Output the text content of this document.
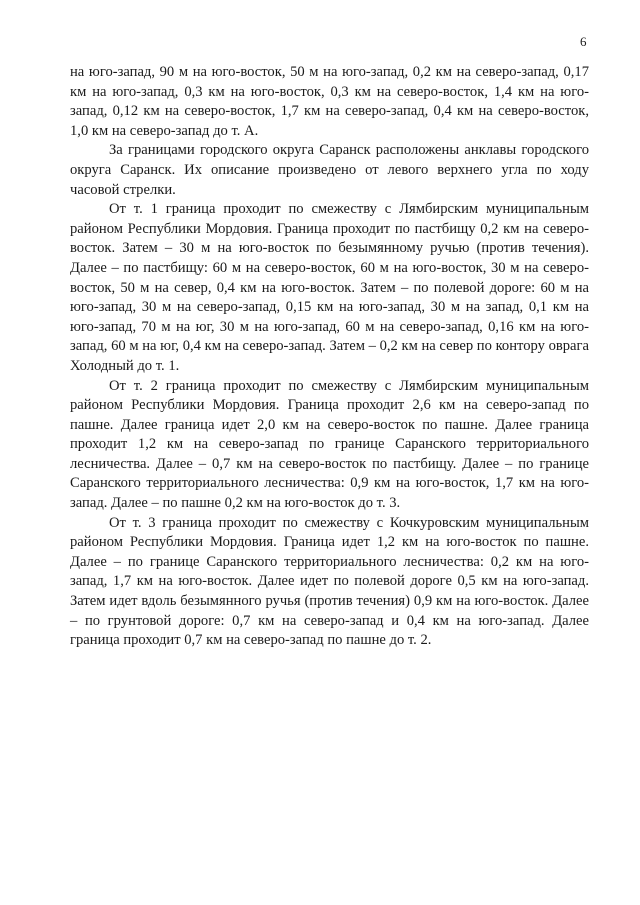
6

на юго-запад, 90 м на юго-восток, 50 м на юго-запад, 0,2 км на северо-запад, 0,17 км на юго-запад, 0,3 км на юго-восток, 0,3 км на северо-восток, 1,4 км на юго-запад, 0,12 км на северо-восток, 1,7 км на северо-запад, 0,4 км на северо-восток, 1,0 км на северо-запад до т. А.

За границами городского округа Саранск расположены анклавы городского округа Саранск. Их описание произведено от левого верхнего угла по ходу часовой стрелки.

От т. 1 граница проходит по смежеству с Лямбирским муниципальным районом Республики Мордовия. Граница проходит по пастбищу 0,2 км на северо-восток. Затем – 30 м на юго-восток по безымянному ручью (против течения). Далее – по пастбищу: 60 м на северо-восток, 60 м на юго-восток, 30 м на северо-восток, 50 м на север, 0,4 км на юго-восток. Затем – по полевой дороге: 60 м на юго-запад, 30 м на северо-запад, 0,15 км на юго-запад, 30 м на запад, 0,1 км на юго-запад, 70 м на юг, 30 м на юго-запад, 60 м на северо-запад, 0,16 км на юго-запад, 60 м на юг, 0,4 км на северо-запад. Затем – 0,2 км на север по контору оврага Холодный до т. 1.

От т. 2 граница проходит по смежеству с Лямбирским муниципальным районом Республики Мордовия. Граница проходит 2,6 км на северо-запад по пашне. Далее граница идет 2,0 км на северо-восток по пашне. Далее граница проходит 1,2 км на северо-запад по границе Саранского территориального лесничества. Далее – 0,7 км на северо-восток по пастбищу. Далее – по границе Саранского территориального лесничества: 0,9 км на юго-восток, 1,7 км на юго-запад. Далее – по пашне 0,2 км на юго-восток до т. 3.

От т. 3 граница проходит по смежеству с Кочкуровским муниципальным районом Республики Мордовия. Граница идет 1,2 км на юго-восток по пашне. Далее – по границе Саранского территориального лесничества: 0,2 км на юго-запад, 1,7 км на юго-восток. Далее идет по полевой дороге 0,5 км на юго-запад. Затем идет вдоль безымянного ручья (против течения) 0,9 км на юго-восток. Далее – по грунтовой дороге: 0,7 км на северо-запад и 0,4 км на юго-запад. Далее граница проходит 0,7 км на северо-запад по пашне до т. 2.
